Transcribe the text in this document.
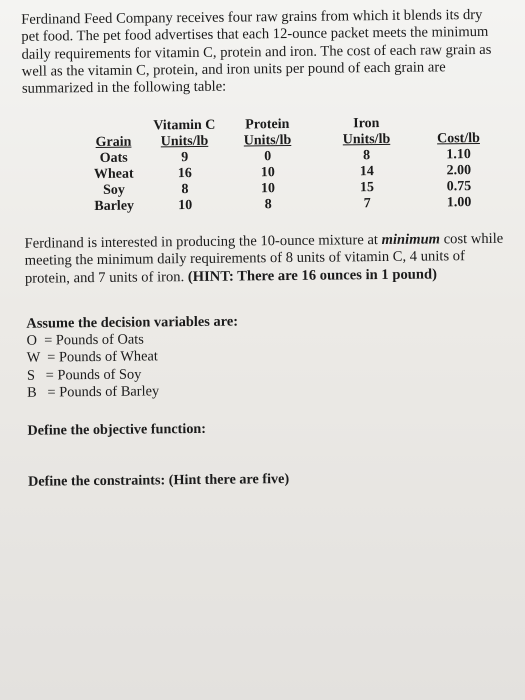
Ferdinand Feed Company receives four raw grains from which it blends its dry

pet food. The pet food advertises that each 12-ounce packet meets the minimum

daily requirements for vitamin C, protein and iron. The cost of each raw grain as

well as the vitamin C, protein, and iron units per pound of each grain are

summarized in the following table:

	Vitamin C	Protein	Iron	
Grain	Units/lb	Units/lb	Units/lb	Cost/lb
Oats	9	0	8	1.10
Wheat	16	10	14	2.00
Soy	8	10	15	0.75
Barley	10	8	7	1.00

Ferdinand is interested in producing the 10-ounce mixture at minimum cost while

meeting the minimum daily requirements of 8 units of vitamin C, 4 units of

protein, and 7 units of iron. (HINT: There are 16 ounces in 1 pound)

Assume the decision variables are:

O  = Pounds of Oats

W  = Pounds of Wheat

S   = Pounds of Soy

B   = Pounds of Barley

Define the objective function:

Define the constraints: (Hint there are five)
